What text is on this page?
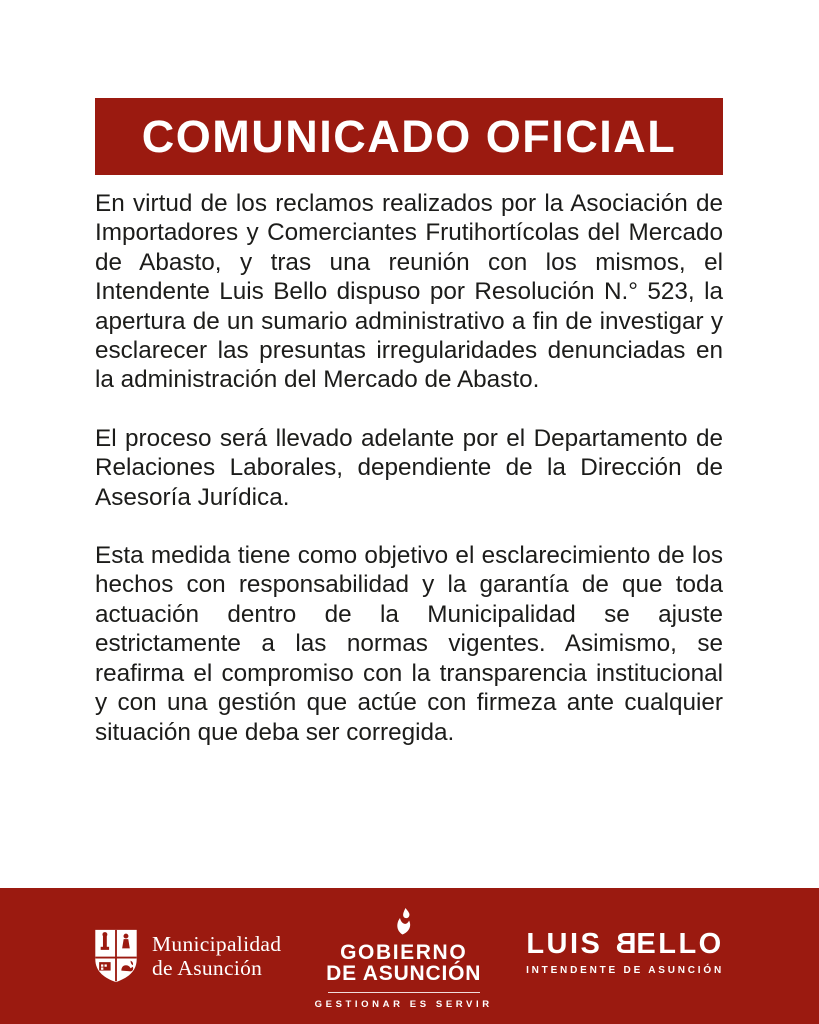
COMUNICADO OFICIAL

En virtud de los reclamos realizados por la Asociación de Importadores y Comerciantes Frutihortícolas del Mercado de Abasto, y tras una reunión con los mismos, el Intendente Luis Bello dispuso por Resolución N.° 523, la apertura de un sumario administrativo a fin de investigar y esclarecer las presuntas irregularidades denunciadas en la administración del Mercado de Abasto.

El proceso será llevado adelante por el Departamento de Relaciones Laborales, dependiente de la Dirección de Asesoría Jurídica.

Esta medida tiene como objetivo el esclarecimiento de los hechos con responsabilidad y la garantía de que toda actuación dentro de la Municipalidad se ajuste estrictamente a las normas vigentes. Asimismo, se reafirma el compromiso con la transparencia institucional y con una gestión que actúe con firmeza ante cualquier situación que deba ser corregida.

Municipalidad
de Asunción
GOBIERNO
DE ASUNCIÓN
GESTIONAR ES SERVIR
LUIS BELLO
INTENDENTE DE ASUNCIÓN
